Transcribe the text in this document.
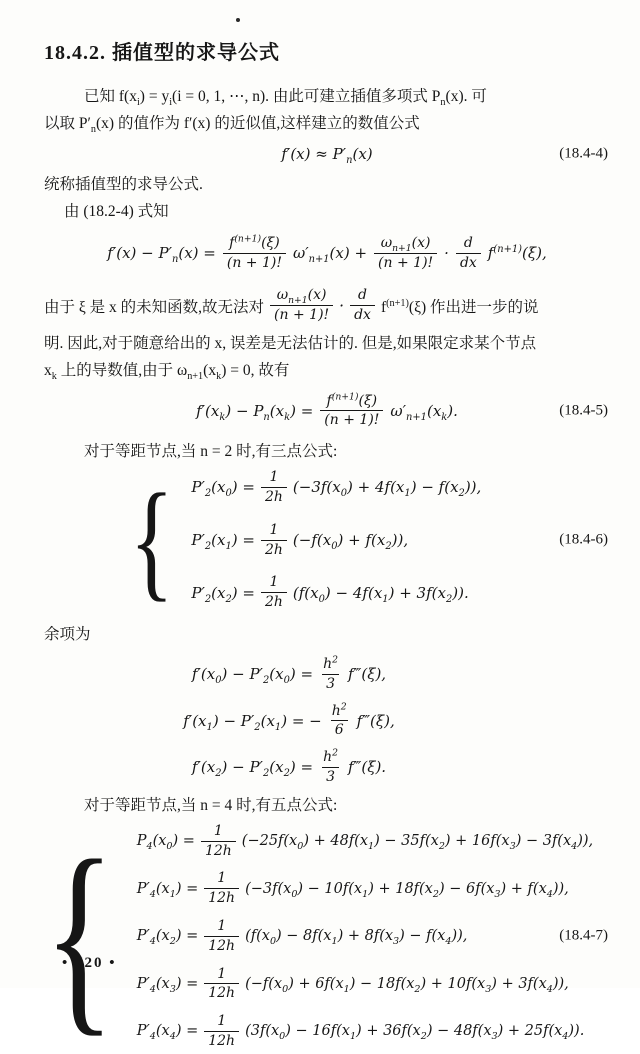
18.4.2. 插值型的求导公式

已知 $f(x_i) = y_i(i = 0$, 1, ⋯, n). 由此可建立插值多项式 $P_n(x)$. 可

以取 $P'_n(x)$ 的值作为 f′(x) 的近似值,这样建立的数值公式

$f'(x) \approx P'_n(x)$	(18.4-4)

统称插值型的求导公式.

由 (18.2-4) 式知

$f'(x) - P'_n(x) = \frac{f^{(n+1)}(\xi)}{(n + 1)!} \omega'_{n+1}(x) + \frac{\omega_{n+1}(x)}{(n + 1)!} \cdot \frac{d}{dx} f^{(n+1)}(\xi)$,
由于 ξ 是 x 的未知函数,故无法对 $\frac{\omega_{n+1}(x)}{(n + 1)!} \cdot \frac{d}{dx} f^{(n+1)}(\xi)$ 作出进一步的说

明. 因此,对于随意给出的 x, 误差是无法估计的. 但是,如果限定求某个节点

$x_k$ 上的导数值,由于 $\omega_{n+1}(x_k) = 0$, 故有

$f'(x_k) - P_n(x_k) = \frac{f^{(n+1)}(\xi)}{(n + 1)!} \omega'_{n+1}(x_k)$.	(18.4-5)

对于等距节点,当 n = 2 时,有三点公式:

{
$P'_2(x_0) = \frac{1}{2h} (-3f(x_0) + 4f(x_1) - f(x_2))$,
$P'_2(x_1) = \frac{1}{2h} (-f(x_0) + f(x_2))$,
$P'_2(x_2) = \frac{1}{2h} (f(x_0) - 4f(x_1) + 3f(x_2))$.
(18.4-6)

余项为

$f'(x_0) - P'_2(x_0) = \frac{h^2}{3}$ f‴(ξ),
$f'(x_1) - P'_2(x_1)$ = − $\frac{h^2}{6}$ f‴(ξ),
$f'(x_2) - P'_2(x_2) = \frac{h^2}{3}$ f‴(ξ).

对于等距节点,当 n = 4 时,有五点公式:

{
$P_4(x_0) = \frac{1}{12h} (-25f(x_0) + 48f(x_1) - 35f(x_2) + 16f(x_3) - 3f(x_4))$,
$P'_4(x_1) = \frac{1}{12h} (-3f(x_0) - 10f(x_1) + 18f(x_2) - 6f(x_3) + f(x_4))$,
$P'_4(x_2) = \frac{1}{12h} (f(x_0) - 8f(x_1) + 8f(x_3) - f(x_4))$,
$P'_4(x_3) = \frac{1}{12h} (-f(x_0) + 6f(x_1) - 18f(x_2) + 10f(x_3) + 3f(x_4))$,
$P'_4(x_4) = \frac{1}{12h} (3f(x_0) - 16f(x_1) + 36f(x_2) - 48f(x_3) + 25f(x_4))$.
(18.4-7)
• 720 •
